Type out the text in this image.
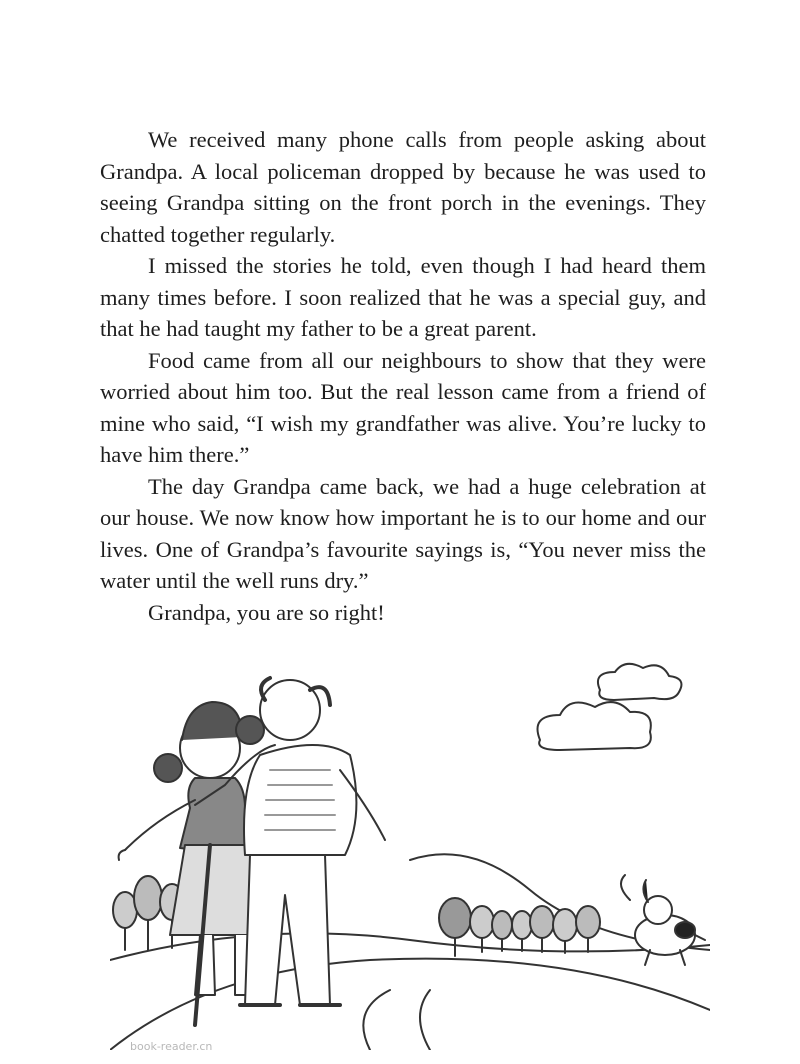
We received many phone calls from people asking about Grandpa. A local policeman dropped by because he was used to seeing Grandpa sitting on the front porch in the evenings. They chatted together regularly.

I missed the stories he told, even though I had heard them many times before. I soon realized that he was a special guy, and that he had taught my father to be a great parent.

Food came from all our neighbours to show that they were worried about him too. But the real lesson came from a friend of mine who said, “I wish my grandfather was alive. You’re lucky to have him there.”

The day Grandpa came back, we had a huge celebration at our house. We now know how important he is to our home and our lives. One of Grandpa’s favourite sayings is, “You never miss the water until the well runs dry.”

Grandpa, you are so right!

book-reader.cn
